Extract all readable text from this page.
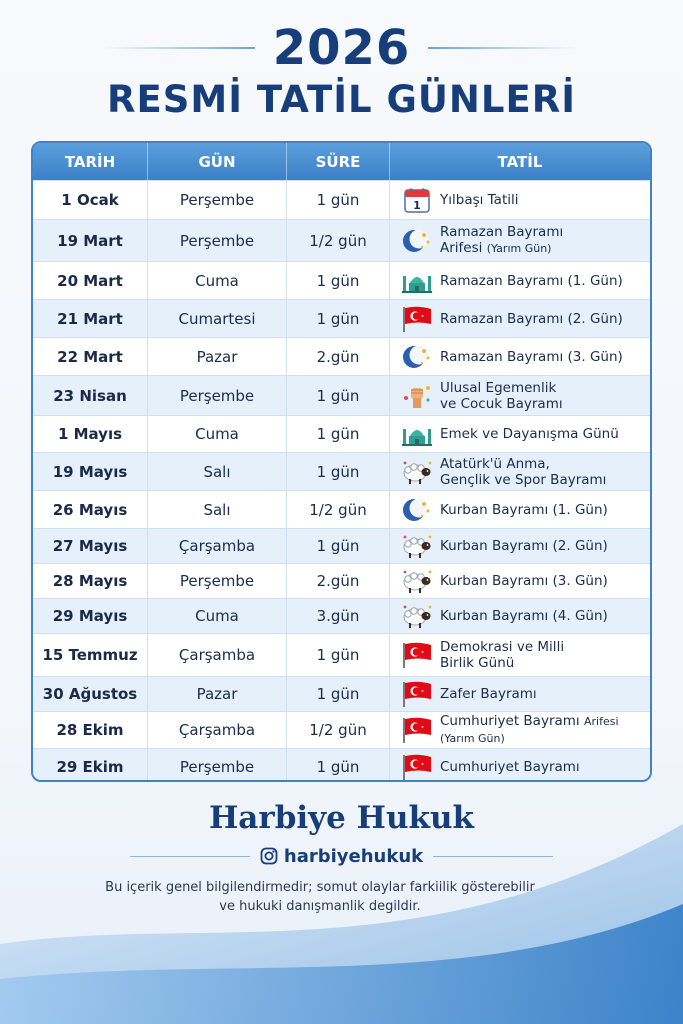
2026
RESMİ TATİL GÜNLERİ
TARİH	GÜN	SÜRE	TATİL
1 Ocak	Perşembe	1 gün	1 Yılbaşı Tatili
19 Mart	Perşembe	1/2 gün	Ramazan Bayramı
Arifesi (Yarım Gün)
20 Mart	Cuma	1 gün	Ramazan Bayramı (1. Gün)
21 Mart	Cumartesi	1 gün	Ramazan Bayramı (2. Gün)
22 Mart	Pazar	2.gün	Ramazan Bayramı (3. Gün)
23 Nisan	Perşembe	1 gün	Ulusal Egemenlik
ve Cocuk Bayramı
1 Mayıs	Cuma	1 gün	Emek ve Dayanışma Günü
19 Mayıs	Salı	1 gün	Atatürk'ü Anma,
Gençlik ve Spor Bayramı
26 Mayıs	Salı	1/2 gün	Kurban Bayramı (1. Gün)
27 Mayıs	Çarşamba	1 gün	Kurban Bayramı (2. Gün)
28 Mayıs	Perşembe	2.gün	Kurban Bayramı (3. Gün)
29 Mayıs	Cuma	3.gün	Kurban Bayramı (4. Gün)
15 Temmuz	Çarşamba	1 gün	Demokrasi ve Milli
Birlik Günü
30 Ağustos	Pazar	1 gün	Zafer Bayramı
28 Ekim	Çarşamba	1/2 gün	Cumhuriyet Bayramı Arifesi
(Yarım Gün)
29 Ekim	Perşembe	1 gün	Cumhuriyet Bayramı
Harbiye Hukuk
harbiyehukuk
Bu içerik genel bilgilendirmedir; somut olaylar farkiilik gösterebilir ve hukuki danışmanlik degildir.
